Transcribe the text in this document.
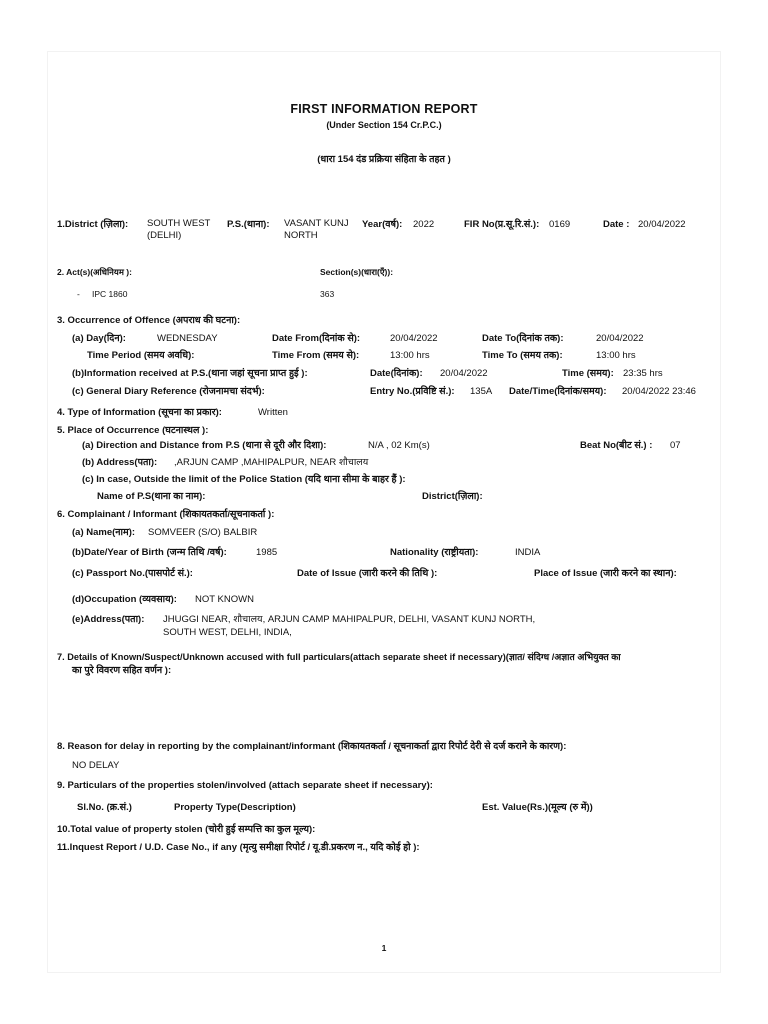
FIRST INFORMATION REPORT
(Under Section 154 Cr.P.C.)
(धारा 154 दंड प्रक्रिया संहिता के तहत )
1.District (ज़िला): SOUTH WEST
(DELHI)
P.S.(थाना): VASANT KUNJ
NORTH
Year(वर्ष): 2022	FIR No(प्र.सू.रि.सं.): 0169	Date : 20/04/2022
2. Act(s)(अधिनियम ):	Section(s)(धारा(एँ)):
- IPC 1860	363
3. Occurrence of Offence (अपराध की घटना):
(a) Day(दिन):	WEDNESDAY	Date From(दिनांक से):	20/04/2022	Date To(दिनांक तक):	20/04/2022
Time Period (समय अवधि):	Time From (समय से):	13:00 hrs	Time To (समय तक):	13:00 hrs
(b)Information received at P.S.(थाना जहां सूचना प्राप्त हुई ):	Date(दिनांक): 20/04/2022	Time (समय): 23:35 hrs
(c) General Diary Reference (रोजनामचा संदर्भ):	Entry No.(प्रविष्टि सं.): 135A Date/Time(दिनांक/समय): 20/04/2022 23:46
4. Type of Information (सूचना का प्रकार):	Written
5. Place of Occurrence (घटनास्थल ):
(a) Direction and Distance from P.S (थाना से दूरी और दिशा):	N/A , 02 Km(s)	Beat No(बीट सं.) : 07
(b) Address(पता): ,ARJUN CAMP ,MAHIPALPUR, NEAR शौचालय
(c) In case, Outside the limit of the Police Station (यदि थाना सीमा के बाहर हैं ):
Name of P.S(थाना का नाम):	District(ज़िला):
6. Complainant / Informant (शिकायतकर्ता/सूचनाकर्ता ):
(a) Name(नाम): SOMVEER (S/O) BALBIR
(b)Date/Year of Birth (जन्म तिथि /वर्ष):	1985	Nationality (राष्ट्रीयता):	INDIA
(c) Passport No.(पासपोर्ट सं.):	Date of Issue (जारी करने की तिथि ):	Place of Issue (जारी करने का स्थान):
(d)Occupation (व्यवसाय): NOT KNOWN
(e)Address(पता): JHUGGI NEAR, शौचालय, ARJUN CAMP MAHIPALPUR, DELHI, VASANT KUNJ NORTH,
SOUTH WEST, DELHI, INDIA,
7. Details of Known/Suspect/Unknown accused with full particulars(attach separate sheet if necessary)(ज्ञात/ संदिग्ध /अज्ञात अभियुक्त का
का पुरे विवरण सहित वर्णन ):
8. Reason for delay in reporting by the complainant/informant (शिकायतकर्ता / सूचनाकर्ता द्वारा रिपोर्ट देरी से दर्ज कराने के कारण):
NO DELAY
9. Particulars of the properties stolen/involved (attach separate sheet if necessary):
Sl.No. (क्र.सं.)	Property Type(Description)	Est. Value(Rs.)(मूल्य (रु में))
10.Total value of property stolen (चोरी हुई सम्पत्ति का कुल मूल्य):
11.Inquest Report / U.D. Case No., if any (मृत्यु समीक्षा रिपोर्ट / यू.डी.प्रकरण न., यदि कोई हो ):
1
